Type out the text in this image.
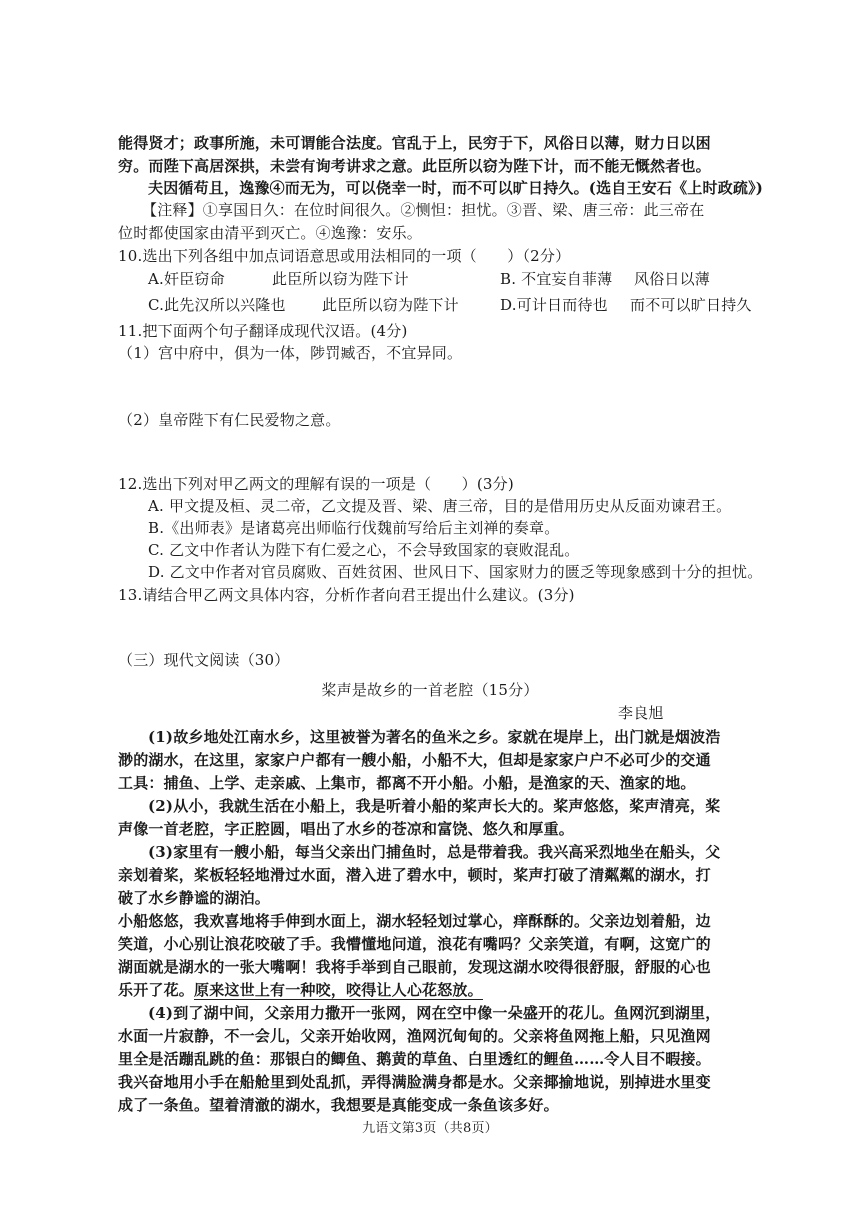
能得贤才；政事所施，未可谓能合法度。官乱于上，民穷于下，风俗日以薄，财力日以困
穷。而陛下高居深拱，未尝有询考讲求之意。此臣所以窃为陛下计，而不能无慨然者也。
夫因循苟且，逸豫④而无为，可以侥幸一时，而不可以旷日持久。(选自王安石《上时政疏》)
【注释】①享国日久：在位时间很久。②恻怛：担忧。③晋、梁、唐三帝：此三帝在
位时都使国家由清平到灭亡。④逸豫：安乐。
10.选出下列各组中加点词语意思或用法相同的一项（　　）（2分）
A.奸臣窃命	此臣所以窃为陛下计	B. 不宜妄自菲薄 风俗日以薄
C.此先汉所以兴隆也 此臣所以窃为陛下计	D.可计日而待也 而不可以旷日持久
11.把下面两个句子翻译成现代汉语。(4分)
（1）宫中府中，俱为一体，陟罚臧否，不宜异同。
（2）皇帝陛下有仁民爱物之意。
12.选出下列对甲乙两文的理解有误的一项是（　　）(3分)
A. 甲文提及桓、灵二帝，乙文提及晋、梁、唐三帝，目的是借用历史从反面劝谏君王。
B.《出师表》是诸葛亮出师临行伐魏前写给后主刘禅的奏章。
C. 乙文中作者认为陛下有仁爱之心，不会导致国家的衰败混乱。
D. 乙文中作者对官员腐败、百姓贫困、世风日下、国家财力的匮乏等现象感到十分的担忧。
13.请结合甲乙两文具体内容，分析作者向君王提出什么建议。(3分)
（三）现代文阅读（30）
桨声是故乡的一首老腔（15分）
李良旭
(1)故乡地处江南水乡，这里被誉为著名的鱼米之乡。家就在堤岸上，出门就是烟波浩
渺的湖水，在这里，家家户户都有一艘小船，小船不大，但却是家家户户不必可少的交通
工具：捕鱼、上学、走亲戚、上集市，都离不开小船。小船，是渔家的天、渔家的地。
(2)从小，我就生活在小船上，我是听着小船的桨声长大的。桨声悠悠，桨声清亮，桨
声像一首老腔，字正腔圆，唱出了水乡的苍凉和富饶、悠久和厚重。
(3)家里有一艘小船，每当父亲出门捕鱼时，总是带着我。我兴高采烈地坐在船头，父
亲划着桨，桨板轻轻地滑过水面，潜入进了碧水中，顿时，桨声打破了清粼粼的湖水，打
破了水乡静谧的湖泊。
小船悠悠，我欢喜地将手伸到水面上，湖水轻轻划过掌心，痒酥酥的。父亲边划着船，边
笑道，小心别让浪花咬破了手。我懵懂地问道，浪花有嘴吗？父亲笑道，有啊，这宽广的
湖面就是湖水的一张大嘴啊！我将手举到自己眼前，发现这湖水咬得很舒服，舒服的心也
乐开了花。原来这世上有一种咬，咬得让人心花怒放。
(4)到了湖中间，父亲用力撒开一张网，网在空中像一朵盛开的花儿。鱼网沉到湖里，
水面一片寂静，不一会儿，父亲开始收网，渔网沉甸甸的。父亲将鱼网拖上船，只见渔网
里全是活蹦乱跳的鱼：那银白的鲫鱼、鹅黄的草鱼、白里透红的鲤鱼……令人目不暇接。
我兴奋地用小手在船舱里到处乱抓，弄得满脸满身都是水。父亲揶揄地说，别掉进水里变
成了一条鱼。望着清澈的湖水，我想要是真能变成一条鱼该多好。
九语文第3页（共8页）
